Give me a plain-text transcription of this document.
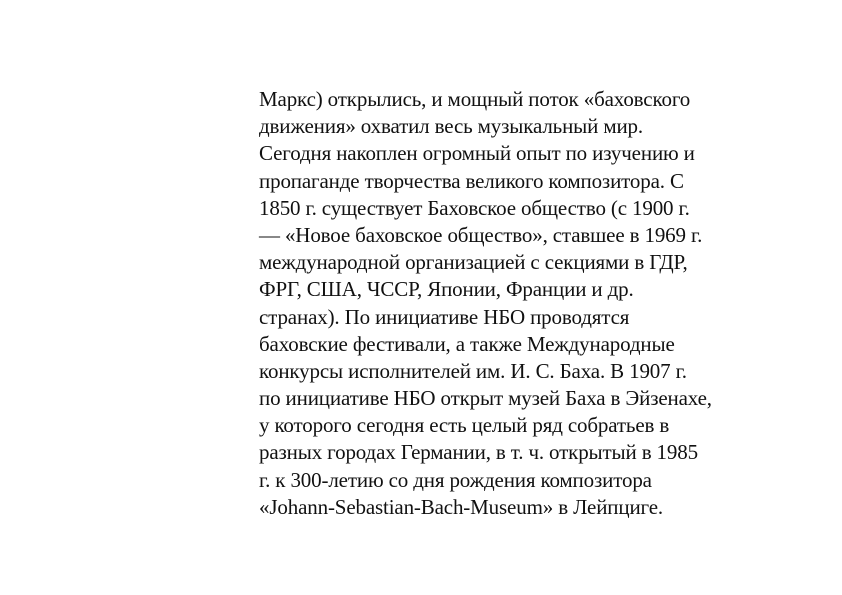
Маркс) открылись, и мощный поток «баховского
движения» охватил весь музыкальный мир.
Сегодня накоплен огромный опыт по изучению и
пропаганде творчества великого композитора. С
1850 г. существует Баховское общество (с 1900 г.
— «Новое баховское общество», ставшее в 1969 г.
международной организацией с секциями в ГДР,
ФРГ, США, ЧССР, Японии, Франции и др.
странах). По инициативе НБО проводятся
баховские фестивали, а также Международные
конкурсы исполнителей им. И. С. Баха. В 1907 г.
по инициативе НБО открыт музей Баха в Эйзенахе,
у которого сегодня есть целый ряд собратьев в
разных городах Германии, в т. ч. открытый в 1985
г. к 300-летию со дня рождения композитора
«Johann-Sebastian-Bach-Museum» в Лейпциге.
